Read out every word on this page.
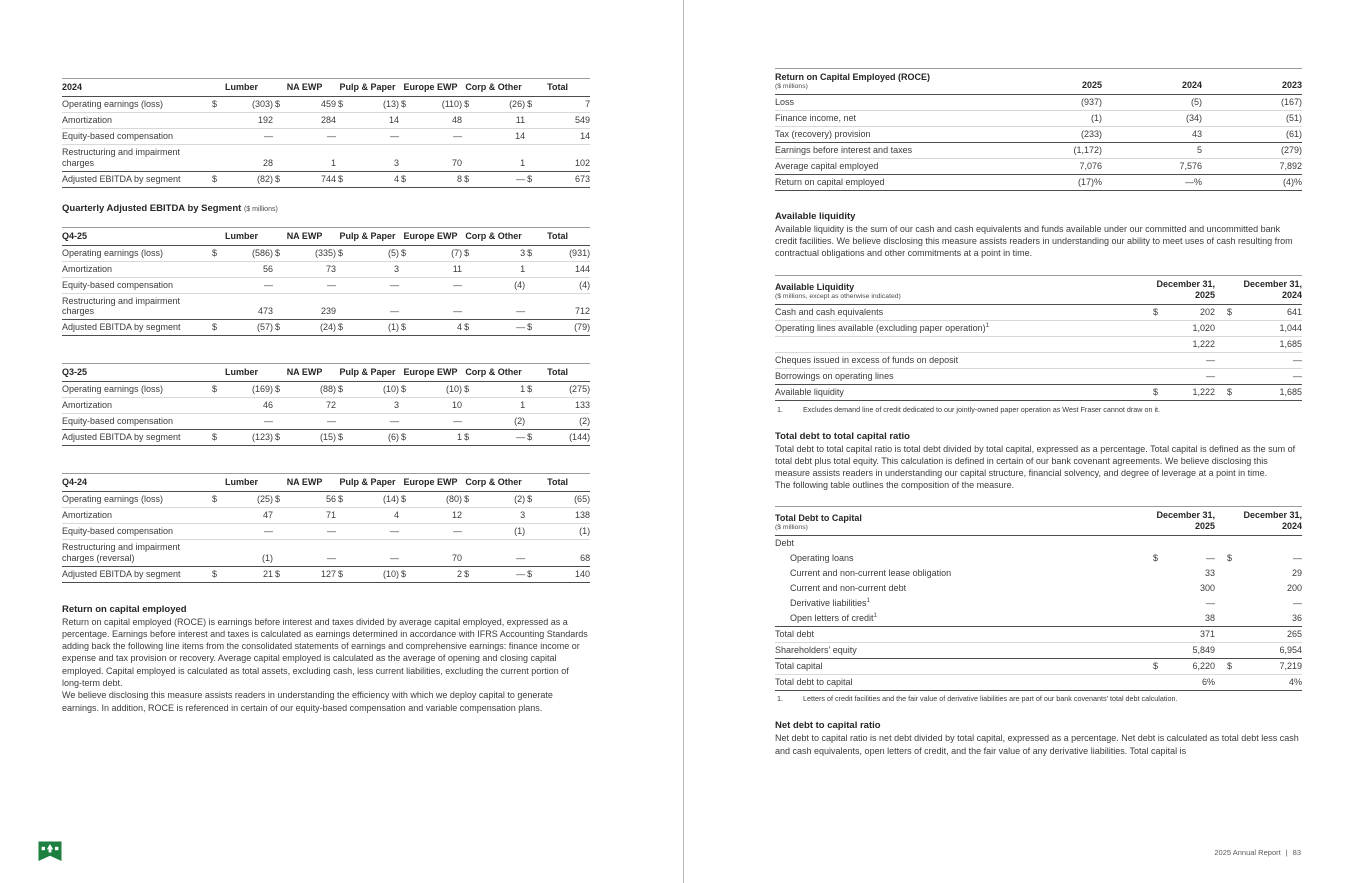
2024	Lumber		NA EWP		Pulp & Paper		Europe EWP		Corp & Other		Total	
Operating earnings (loss)	$	(303)	$	459	$	(13)	$	(110)	$	(26)	$	7
Amortization		192		284		14		48		11		549
Equity-based compensation		—		—		—		—		14		14
Restructuring and impairment charges		28		1		3		70		1		102
Adjusted EBITDA by segment	$	(82)	$	744	$	4	$	8	$	—	$	673
Quarterly Adjusted EBITDA by Segment ($ millions)
Q4-25	Lumber		NA EWP		Pulp & Paper		Europe EWP		Corp & Other		Total	
Operating earnings (loss)	$	(586)	$	(335)	$	(5)	$	(7)	$	3	$	(931)
Amortization		56		73		3		11		1		144
Equity-based compensation		—		—		—		—		(4)		(4)
Restructuring and impairment charges		473		239		—		—		—		712
Adjusted EBITDA by segment	$	(57)	$	(24)	$	(1)	$	4	$	—	$	(79)
Q3-25	Lumber		NA EWP		Pulp & Paper		Europe EWP		Corp & Other		Total	
Operating earnings (loss)	$	(169)	$	(88)	$	(10)	$	(10)	$	1	$	(275)
Amortization		46		72		3		10		1		133
Equity-based compensation		—		—		—		—		(2)		(2)
Adjusted EBITDA by segment	$	(123)	$	(15)	$	(6)	$	1	$	—	$	(144)
Q4-24	Lumber		NA EWP		Pulp & Paper		Europe EWP		Corp & Other		Total	
Operating earnings (loss)	$	(25)	$	56	$	(14)	$	(80)	$	(2)	$	(65)
Amortization		47		71		4		12		3		138
Equity-based compensation		—		—		—		—		(1)		(1)
Restructuring and impairment charges (reversal)		(1)		—		—		70		—		68
Adjusted EBITDA by segment	$	21	$	127	$	(10)	$	2	$	—	$	140
Return on capital employed

Return on capital employed (ROCE) is earnings before interest and taxes divided by average capital employed, expressed as a percentage. Earnings before interest and taxes is calculated as earnings determined in accordance with IFRS Accounting Standards adding back the following line items from the consolidated statements of earnings and comprehensive earnings: finance income or expense and tax provision or recovery. Average capital employed is calculated as the average of opening and closing capital employed. Capital employed is calculated as total assets, excluding cash, less current liabilities, excluding the current portion of long-term debt.

We believe disclosing this measure assists readers in understanding the efficiency with which we deploy capital to generate earnings. In addition, ROCE is referenced in certain of our equity-based compensation and variable compensation plans.

Return on Capital Employed (ROCE)
($ millions)	2025	2024	2023
Loss	(937)	(5)	(167)
Finance income, net	(1)	(34)	(51)
Tax (recovery) provision	(233)	43	(61)
Earnings before interest and taxes	(1,172)	5	(279)
Average capital employed	7,076	7,576	7,892
Return on capital employed	(17)%	—%	(4)%
Available liquidity

Available liquidity is the sum of our cash and cash equivalents and funds available under our committed and uncommitted bank credit facilities. We believe disclosing this measure assists readers in understanding our ability to meet uses of cash resulting from contractual obligations and other commitments at a point in time.

Available Liquidity
($ millions, except as otherwise indicated)

December 31,
2025

December 31,
2024

Cash and cash equivalents	$	202	$	641
Operating lines available (excluding paper operation)$^1$		1,020		1,044
		1,222		1,685
Cheques issued in excess of funds on deposit		—		—
Borrowings on operating lines		—		—
Available liquidity	$	1,222	$	1,685
1.	Excludes demand line of credit dedicated to our jointly-owned paper operation as West Fraser cannot draw on it.
Total debt to total capital ratio

Total debt to total capital ratio is total debt divided by total capital, expressed as a percentage. Total capital is defined as the sum of total debt plus total equity. This calculation is defined in certain of our bank covenant agreements. We believe disclosing this measure assists readers in understanding our capital structure, financial solvency, and degree of leverage at a point in time.

The following table outlines the composition of the measure.

Total Debt to Capital
($ millions)

December 31,
2025

December 31,
2024

Debt				
Operating loans	$	—	$	—
Current and non-current lease obligation		33		29
Current and non-current debt		300		200
Derivative liabilities$^1$		—		—
Open letters of credit$^1$		38		36
Total debt		371		265
Shareholders’ equity		5,849		6,954
Total capital	$	6,220	$	7,219
Total debt to capital		6%		4%
1.	Letters of credit facilities and the fair value of derivative liabilities are part of our bank covenants’ total debt calculation.
Net debt to capital ratio

Net debt to capital ratio is net debt divided by total capital, expressed as a percentage. Net debt is calculated as total debt less cash and cash equivalents, open letters of credit, and the fair value of any derivative liabilities. Total capital is

2025 Annual Report | 83
